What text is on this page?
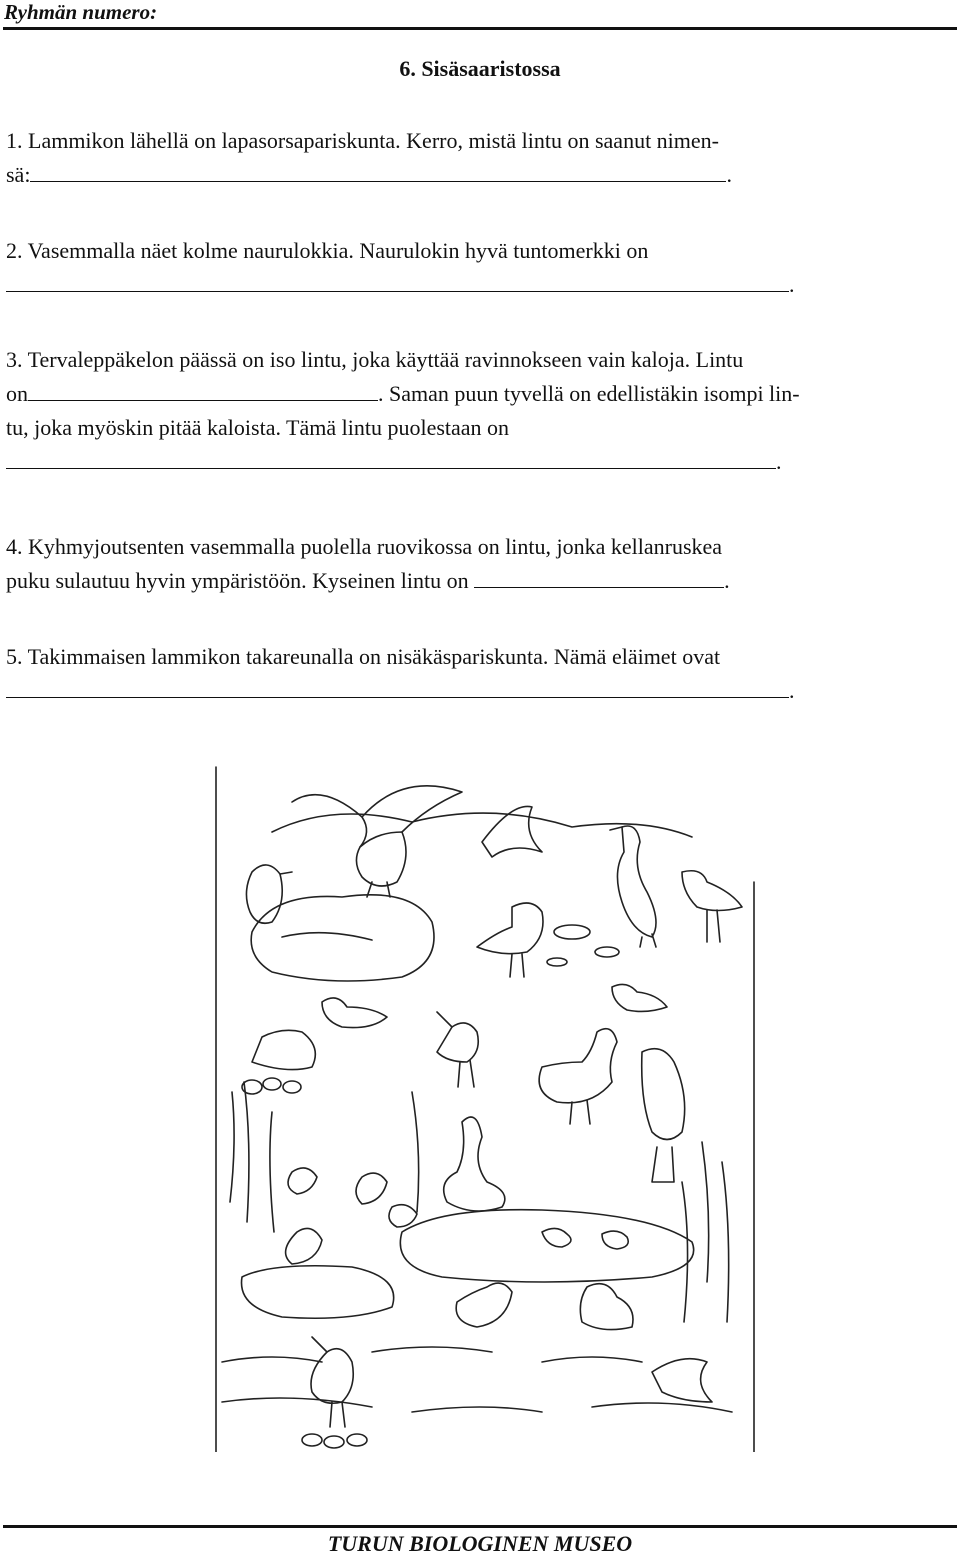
Ryhmän numero:
6. Sisäsaaristossa
1. Lammikon lähellä on lapasorsapariskunta. Kerro, mistä lintu on saanut nimen-
sä:	.
2. Vasemmalla näet kolme naurulokkia. Naurulokin hyvä tuntomerkki on
.
3. Tervaleppäkelon päässä on iso lintu, joka käyttää ravinnokseen vain kaloja. Lintu
on	. Saman puun tyvellä on edellistäkin isompi lin-
tu, joka myöskin pitää kaloista. Tämä lintu puolestaan on
.
4. Kyhmyjoutsenten vasemmalla puolella ruovikossa on lintu, jonka kellanruskea
puku sulautuu hyvin ympäristöön. Kyseinen lintu on	.
5. Takimmaisen lammikon takareunalla on nisäkäspariskunta. Nämä eläimet ovat
.
TURUN BIOLOGINEN MUSEO
